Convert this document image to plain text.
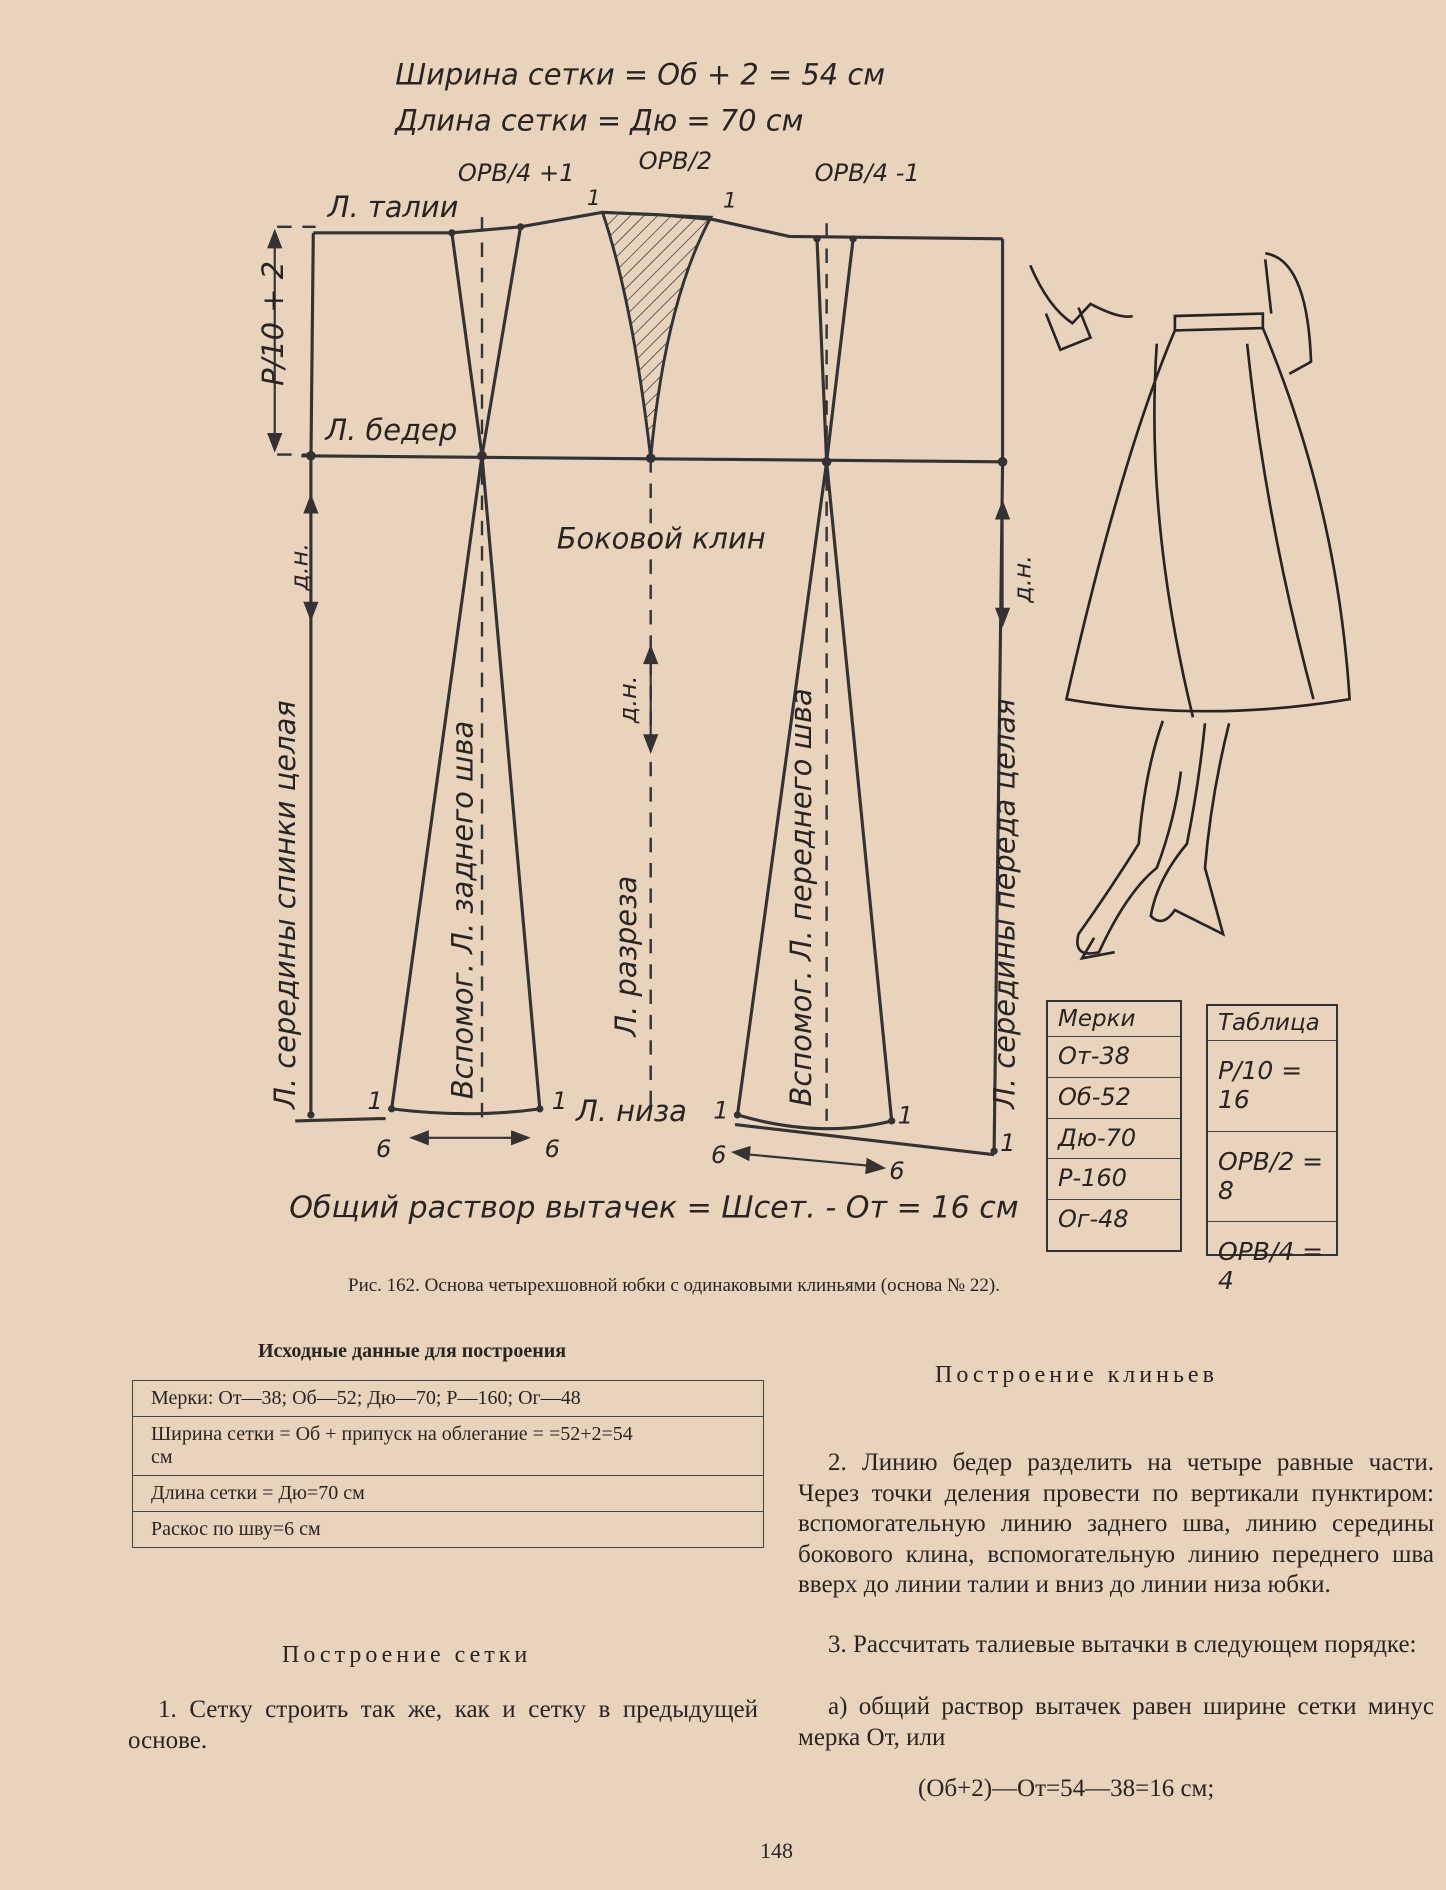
Ширина сетки = Об + 2 = 54 см
Длина сетки = Дю = 70 см
ОРВ/4 +1	ОРВ/2	ОРВ/4 -1
Л. талии
Л. бедер
Боковой клин
Р/10 + 2
д.н.	д.н.
д.н.
Л. середины спинки целая	Л. середины переда целая
Вспомог. Л. заднего шва	Вспомог. Л. переднего шва
Л. разреза
Л. низа
1	1	1	1
1
1	1
6	6	6
6
Общий раствор вытачек = Шсет. - От = 16 см
Мерки
От-38
Об-52
Дю-70
Р-160
Ог-48
Таблица
Р/10 = 16
ОРВ/2 = 8
ОРВ/4 = 4
Рис. 162. Основа четырехшовной юбки с одинаковыми клиньями (основа № 22).
Исходные данные для построения
Мерки: От—38; Об—52; Дю—70; Р—160; Ог—48
Ширина сетки = Об + припуск на облегание = =52+2=54 см
Длина сетки = Дю=70 см
Раскос по шву=6 см
Построение сетки
1. Сетку строить так же, как и сетку в предыдущей основе.
Построение клиньев
2. Линию бедер разделить на четыре равные части. Через точки деления провести по вертикали пунктиром: вспомогательную линию заднего шва, линию середины бокового клина, вспомогательную линию переднего шва вверх до линии талии и вниз до линии низа юбки.
3. Рассчитать талиевые вытачки в следующем порядке:
а) общий раствор вытачек равен ширине сетки минус мерка От, или
(Об+2)—От=54—38=16 см;
148
